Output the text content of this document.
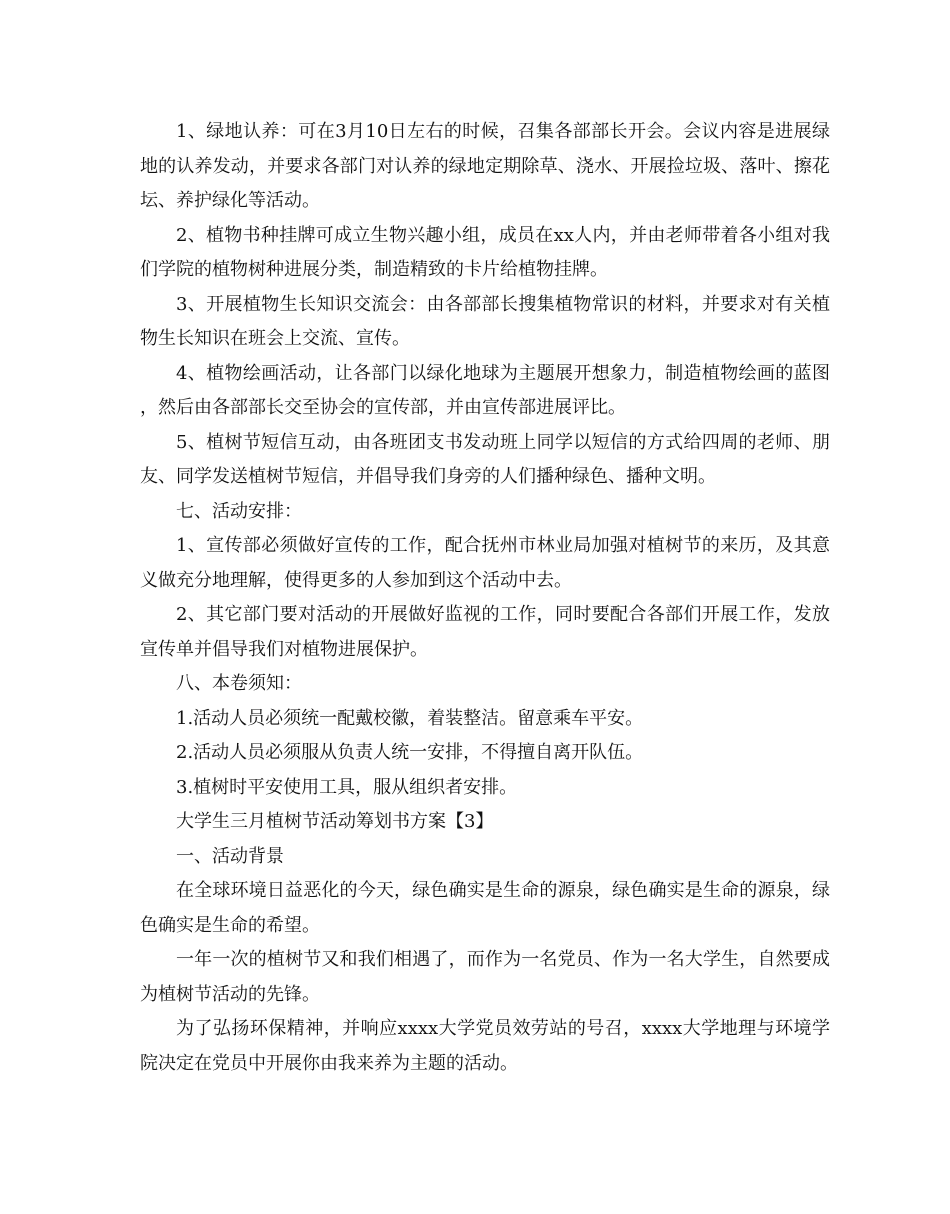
1、绿地认养：可在3月10日左右的时候，召集各部部长开会。会议内容是进展绿地的认养发动，并要求各部门对认养的绿地定期除草、浇水、开展捡垃圾、落叶、擦花坛、养护绿化等活动。

2、植物书种挂牌可成立生物兴趣小组，成员在xx人内，并由老师带着各小组对我们学院的植物树种进展分类，制造精致的卡片给植物挂牌。

3、开展植物生长知识交流会：由各部部长搜集植物常识的材料，并要求对有关植物生长知识在班会上交流、宣传。

4、植物绘画活动，让各部门以绿化地球为主题展开想象力，制造植物绘画的蓝图 ，然后由各部部长交至协会的宣传部，并由宣传部进展评比。

5、植树节短信互动，由各班团支书发动班上同学以短信的方式给四周的老师、朋友、同学发送植树节短信，并倡导我们身旁的人们播种绿色、播种文明。

七、活动安排：

1、宣传部必须做好宣传的工作，配合抚州市林业局加强对植树节的来历，及其意义做充分地理解，使得更多的人参加到这个活动中去。

2、其它部门要对活动的开展做好监视的工作，同时要配合各部们开展工作，发放宣传单并倡导我们对植物进展保护。

八、本卷须知：

1.活动人员必须统一配戴校徽，着装整洁。留意乘车平安。

2.活动人员必须服从负责人统一安排，不得擅自离开队伍。

3.植树时平安使用工具，服从组织者安排。

大学生三月植树节活动筹划书方案【3】

一、活动背景

在全球环境日益恶化的今天，绿色确实是生命的源泉，绿色确实是生命的源泉，绿色确实是生命的希望。

一年一次的植树节又和我们相遇了，而作为一名党员、作为一名大学生，自然要成为植树节活动的先锋。

为了弘扬环保精神，并响应xxxx大学党员效劳站的号召，xxxx大学地理与环境学院决定在党员中开展你由我来养为主题的活动。
